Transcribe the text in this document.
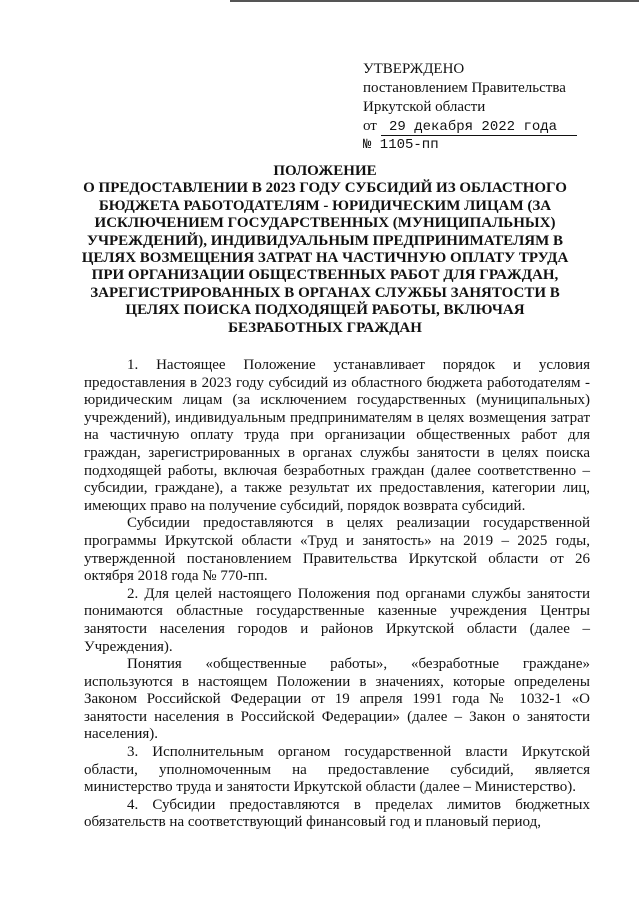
УТВЕРЖДЕНО
постановлением Правительства
Иркутской области
от 29 декабря 2022 года
№ 1105-пп
ПОЛОЖЕНИЕ
О ПРЕДОСТАВЛЕНИИ В 2023 ГОДУ СУБСИДИЙ ИЗ ОБЛАСТНОГО БЮДЖЕТА РАБОТОДАТЕЛЯМ - ЮРИДИЧЕСКИМ ЛИЦАМ (ЗА ИСКЛЮЧЕНИЕМ ГОСУДАРСТВЕННЫХ (МУНИЦИПАЛЬНЫХ) УЧРЕЖДЕНИЙ), ИНДИВИДУАЛЬНЫМ ПРЕДПРИНИМАТЕЛЯМ В ЦЕЛЯХ ВОЗМЕЩЕНИЯ ЗАТРАТ НА ЧАСТИЧНУЮ ОПЛАТУ ТРУДА ПРИ ОРГАНИЗАЦИИ ОБЩЕСТВЕННЫХ РАБОТ ДЛЯ ГРАЖДАН, ЗАРЕГИСТРИРОВАННЫХ В ОРГАНАХ СЛУЖБЫ ЗАНЯТОСТИ В ЦЕЛЯХ ПОИСКА ПОДХОДЯЩЕЙ РАБОТЫ, ВКЛЮЧАЯ БЕЗРАБОТНЫХ ГРАЖДАН

1. Настоящее Положение устанавливает порядок и условия предоставления в 2023 году субсидий из областного бюджета работодателям - юридическим лицам (за исключением государственных (муниципальных) учреждений), индивидуальным предпринимателям в целях возмещения затрат на частичную оплату труда при организации общественных работ для граждан, зарегистрированных в органах службы занятости в целях поиска подходящей работы, включая безработных граждан (далее соответственно – субсидии, граждане), а также результат их предоставления, категории лиц, имеющих право на получение субсидий, порядок возврата субсидий.

Субсидии предоставляются в целях реализации государственной программы Иркутской области «Труд и занятость» на 2019 – 2025 годы, утвержденной постановлением Правительства Иркутской области от 26 октября 2018 года № 770-пп.

2. Для целей настоящего Положения под органами службы занятости понимаются областные государственные казенные учреждения Центры занятости населения городов и районов Иркутской области (далее – Учреждения).

Понятия «общественные работы», «безработные граждане» используются в настоящем Положении в значениях, которые определены Законом Российской Федерации от 19 апреля 1991 года № 1032-1 «О занятости населения в Российской Федерации» (далее – Закон о занятости населения).

3. Исполнительным органом государственной власти Иркутской области, уполномоченным на предоставление субсидий, является министерство труда и занятости Иркутской области (далее – Министерство).

4. Субсидии предоставляются в пределах лимитов бюджетных обязательств на соответствующий финансовый год и плановый период,
